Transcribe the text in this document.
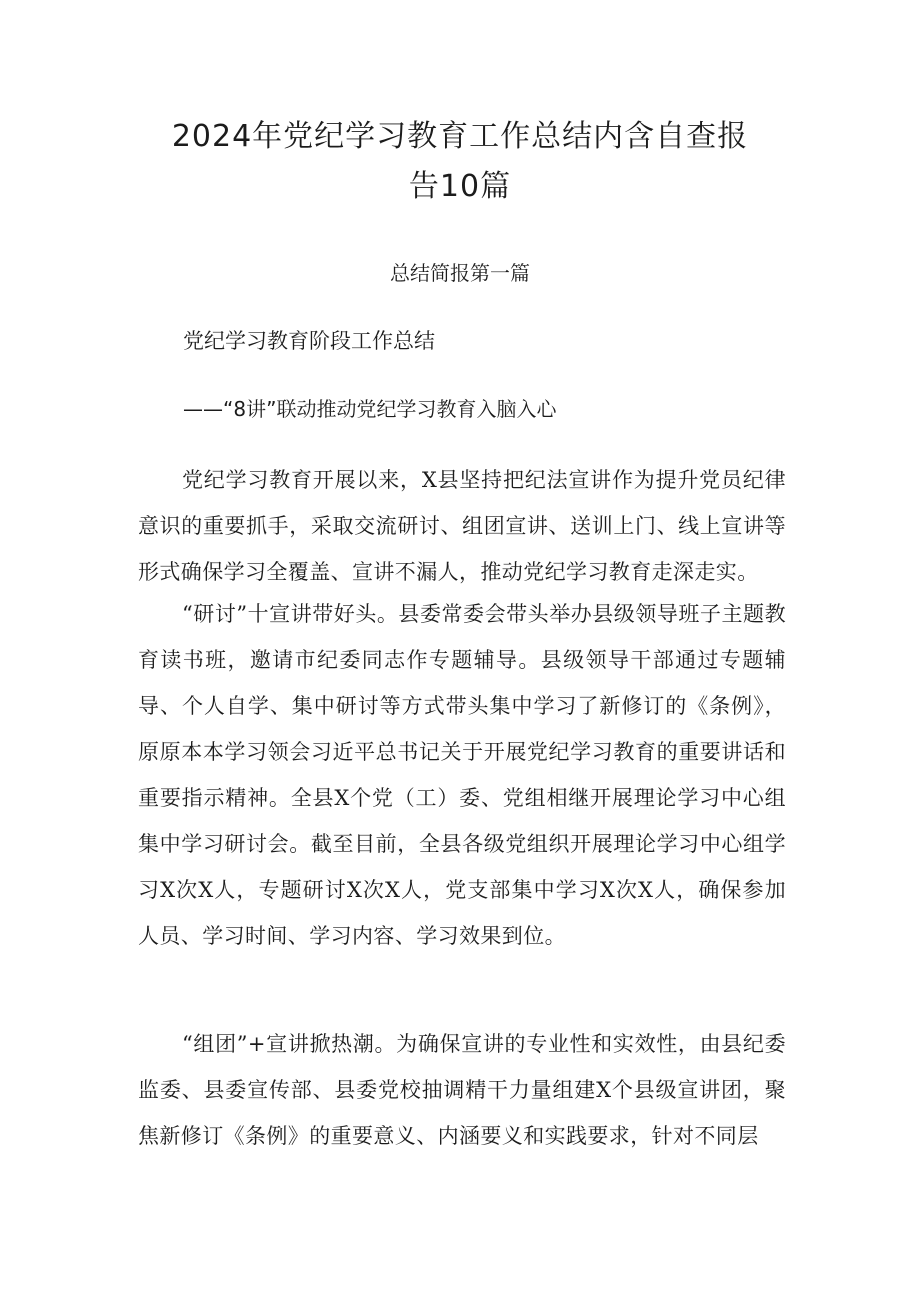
2024年党纪学习教育工作总结内含自查报告10篇
总结简报第一篇

党纪学习教育阶段工作总结

——“8讲”联动推动党纪学习教育入脑入心

党纪学习教育开展以来，X县坚持把纪法宣讲作为提升党员纪律意识的重要抓手，采取交流研讨、组团宣讲、送训上门、线上宣讲等形式确保学习全覆盖、宣讲不漏人，推动党纪学习教育走深走实。

“研讨”十宣讲带好头。县委常委会带头举办县级领导班子主题教育读书班，邀请市纪委同志作专题辅导。县级领导干部通过专题辅导、个人自学、集中研讨等方式带头集中学习了新修订的《条例》，原原本本学习领会习近平总书记关于开展党纪学习教育的重要讲话和重要指示精神。全县X个党（工）委、党组相继开展理论学习中心组集中学习研讨会。截至目前，全县各级党组织开展理论学习中心组学习X次X人，专题研讨X次X人，党支部集中学习X次X人，确保参加人员、学习时间、学习内容、学习效果到位。

“组团”+宣讲掀热潮。为确保宣讲的专业性和实效性，由县纪委监委、县委宣传部、县委党校抽调精干力量组建X个县级宣讲团，聚焦新修订《条例》的重要意义、内涵要义和实践要求，针对不同层
